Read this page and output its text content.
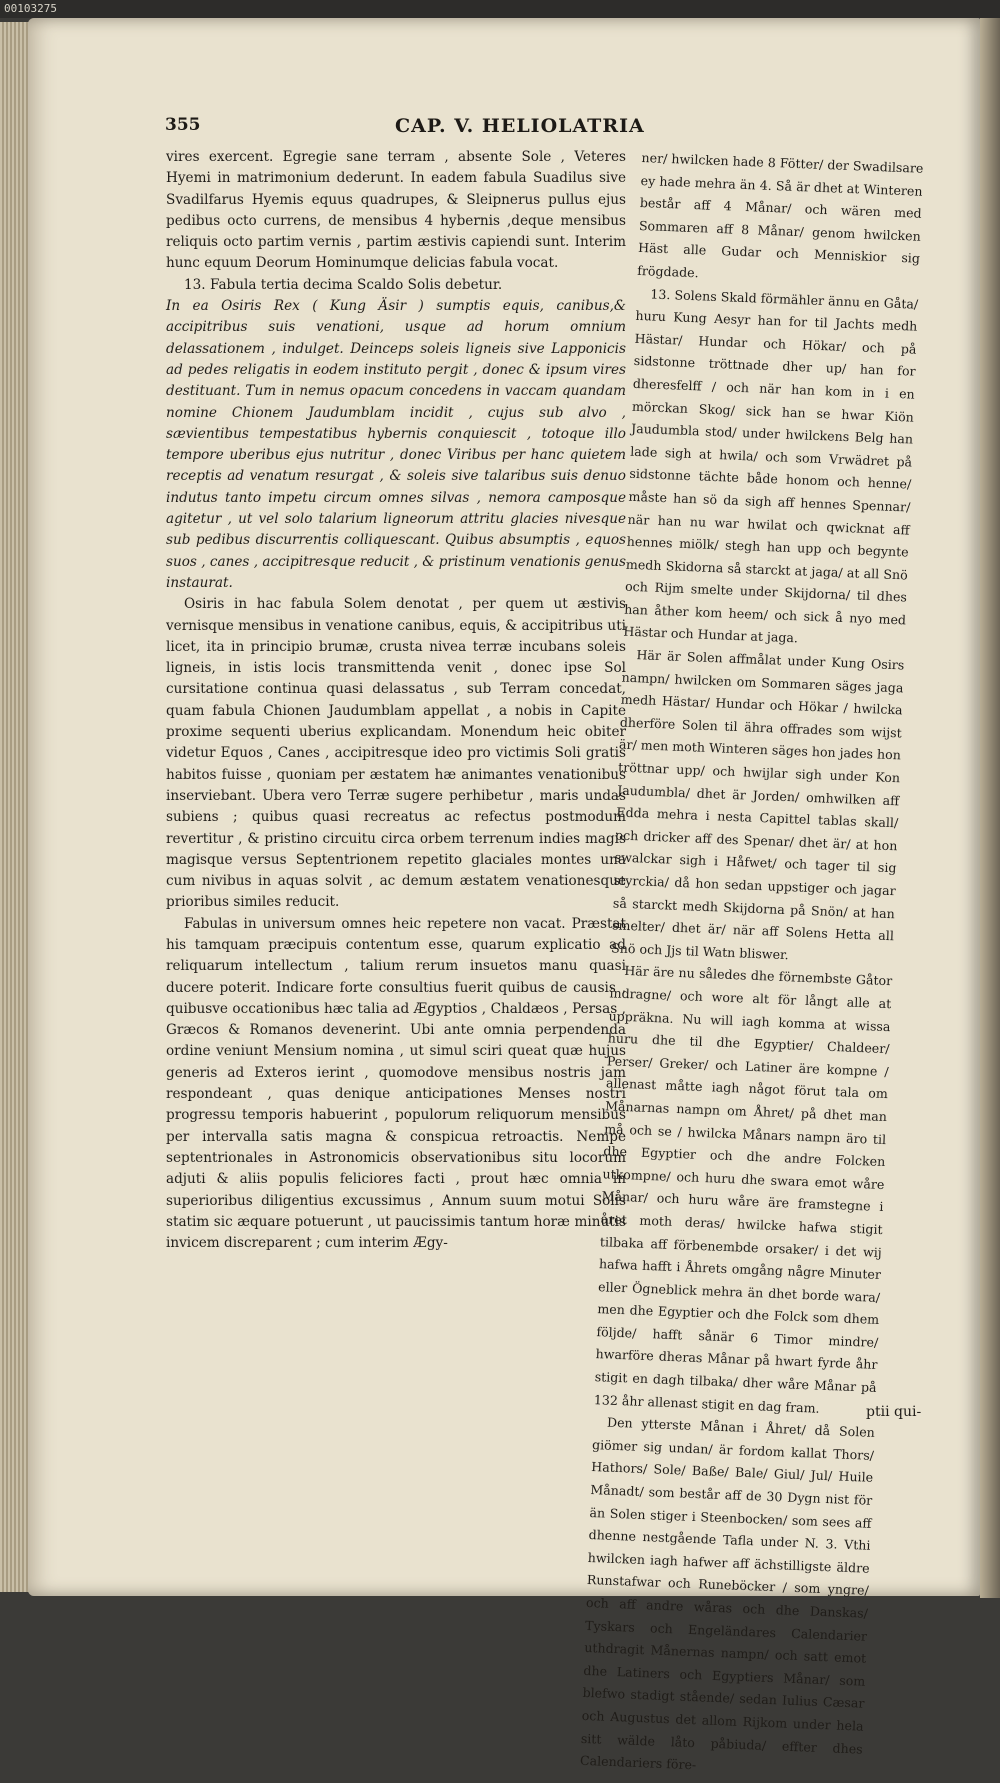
00103275
355	CAP. V. HELIOLATRIA

vires exercent. Egregie sane terram , absente Sole , Veteres Hyemi in matrimonium dederunt. In eadem fabula Suadilus sive Svadilfarus Hyemis equus quadrupes, & Sleipnerus pullus ejus pedibus octo currens, de mensibus 4 hybernis ,deque mensibus reliquis octo partim vernis , partim æstivis capiendi sunt. Interim hunc equum Deorum Hominumque delicias fabula vocat.

13. Fabula tertia decima Scaldo Solis debetur.

In ea Osiris Rex ( Kung Äsir ) sumptis equis, canibus,& accipitribus suis venationi, usque ad horum omnium delassationem , indulget. Deinceps soleis ligneis sive Lapponicis ad pedes religatis in eodem instituto pergit , donec & ipsum vires destituant. Tum in nemus opacum concedens in vaccam quandam nomine Chionem Jaudumblam incidit , cujus sub alvo , sævientibus tempestatibus hybernis conquiescit , totoque illo tempore uberibus ejus nutritur , donec Viribus per hanc quietem receptis ad venatum resurgat , & soleis sive talaribus suis denuo indutus tanto impetu circum omnes silvas , nemora camposque agitetur , ut vel solo talarium ligneorum attritu glacies nivesque sub pedibus discurrentis colliquescant. Quibus absumptis , equos suos , canes , accipitresque reducit , & pristinum venationis genus instaurat.

Osiris in hac fabula Solem denotat , per quem ut æstivis vernisque mensibus in venatione canibus, equis, & accipitribus uti licet, ita in principio brumæ, crusta nivea terræ incubans soleis ligneis, in istis locis transmittenda venit , donec ipse Sol cursitatione continua quasi delassatus , sub Terram concedat, quam fabula Chionen Jaudumblam appellat , a nobis in Capite proxime sequenti uberius explicandam. Monendum heic obiter videtur Equos , Canes , accipitresque ideo pro victimis Soli gratis habitos fuisse , quoniam per æstatem hæ animantes venationibus inserviebant. Ubera vero Terræ sugere perhibetur , maris undas subiens ; quibus quasi recreatus ac refectus postmodum revertitur , & pristino circuitu circa orbem terrenum indies magis magisque versus Septentrionem repetito glaciales montes una cum nivibus in aquas solvit , ac demum æstatem venationesque prioribus similes reducit.

Fabulas in universum omnes heic repetere non vacat. Præstat his tamquam præcipuis contentum esse, quarum explicatio ad reliquarum intellectum , talium rerum insuetos manu quasi ducere poterit. Indicare forte consultius fuerit quibus de causis , quibusve occationibus hæc talia ad Ægyptios , Chaldæos , Persas , Græcos & Romanos devenerint. Ubi ante omnia perpendenda ordine veniunt Mensium nomina , ut simul sciri queat quæ hujus generis ad Exteros ierint , quomodove mensibus nostris jam respondeant , quas denique anticipationes Menses nostri progressu temporis habuerint , populorum reliquorum mensibus per intervalla satis magna & conspicua retroactis. Nempe septentrionales in Astronomicis observationibus situ locorum adjuti & aliis populis feliciores facti , prout hæc omnia in superioribus diligentius excussimus , Annum suum motui Solis statim sic æquare potuerunt , ut paucissimis tantum horæ minutis invicem discreparent ; cum interim Ægy-

ner/ hwilcken hade 8 Fötter/ der Swadilsare ey hade mehra än 4. Så är dhet at Winteren består aff 4 Månar/ och wären med Sommaren aff 8 Månar/ genom hwilcken Häst alle Gudar och Menniskior sig frögdade.

13. Solens Skald förmähler ännu en Gåta/ huru Kung Aesyr han for til Jachts medh Hästar/ Hundar och Hökar/ och på sidstonne tröttnade dher up/ han for dheresfelff / och när han kom in i en mörckan Skog/ sick han se hwar Kiön Jaudumbla stod/ under hwilckens Belg han lade sigh at hwila/ och som Vrwädret på sidstonne tächte både honom och henne/ måste han sö da sigh aff hennes Spennar/ när han nu war hwilat och qwicknat aff hennes miölk/ stegh han upp och begynte medh Skidorna så starckt at jaga/ at all Snö och Rijm smelte under Skijdorna/ til dhes han åther kom heem/ och sick å nyo med Hästar och Hundar at jaga.

Här är Solen affmålat under Kung Osirs nampn/ hwilcken om Sommaren säges jaga medh Hästar/ Hundar och Hökar / hwilcka dherföre Solen til ähra offrades som wijst är/ men moth Winteren säges hon jades hon tröttnar upp/ och hwijlar sigh under Kon Jaudumbla/ dhet är Jorden/ omhwilken aff Edda mehra i nesta Capittel tablas skall/ och dricker aff des Spenar/ dhet är/ at hon swalckar sigh i Håfwet/ och tager til sig styrckia/ då hon sedan uppstiger och jagar så starckt medh Skijdorna på Snön/ at han smelter/ dhet är/ när aff Solens Hetta all Snö och Jjs til Watn bliswer.

Här äre nu således dhe förnembste Gåtor indragne/ och wore alt för långt alle at uppräkna. Nu will iagh komma at wissa huru dhe til dhe Egyptier/ Chaldeer/ Perser/ Greker/ och Latiner äre kompne / allenast måtte iagh något förut tala om Månarnas nampn om Åhret/ på dhet man må och se / hwilcka Månars nampn äro til dhe Egyptier och dhe andre Folcken utkompne/ och huru dhe swara emot wåre Månar/ och huru wåre äre framstegne i året moth deras/ hwilcke hafwa stigit tilbaka aff förbenembde orsaker/ i det wij hafwa hafft i Åhrets omgång någre Minuter eller Ögneblick mehra än dhet borde wara/ men dhe Egyptier och dhe Folck som dhem följde/ hafft sånär 6 Timor mindre/ hwarföre dheras Månar på hwart fyrde åhr stigit en dagh tilbaka/ dher wåre Månar på 132 åhr allenast stigit en dag fram.

Den ytterste Månan i Åhret/ då Solen giömer sig undan/ är fordom kallat Thors/ Hathors/ Sole/ Baße/ Bale/ Giul/ Jul/ Huile Månadt/ som består aff de 30 Dygn nist för än Solen stiger i Steenbocken/ som sees aff dhenne nestgående Tafla under N. 3. Vthi hwilcken iagh hafwer aff ächstilligste äldre Runstafwar och Runeböcker / som yngre/ och aff andre wåras och dhe Danskas/ Tyskars och Engeländares Calendarier uthdragit Månernas nampn/ och satt emot dhe Latiners och Egyptiers Månar/ som blefwo stadigt stående/ sedan Iulius Cæsar och Augustus det allom Rijkom under hela sitt wälde låto påbiuda/ effter dhes Calendariers före-

ptii qui-
